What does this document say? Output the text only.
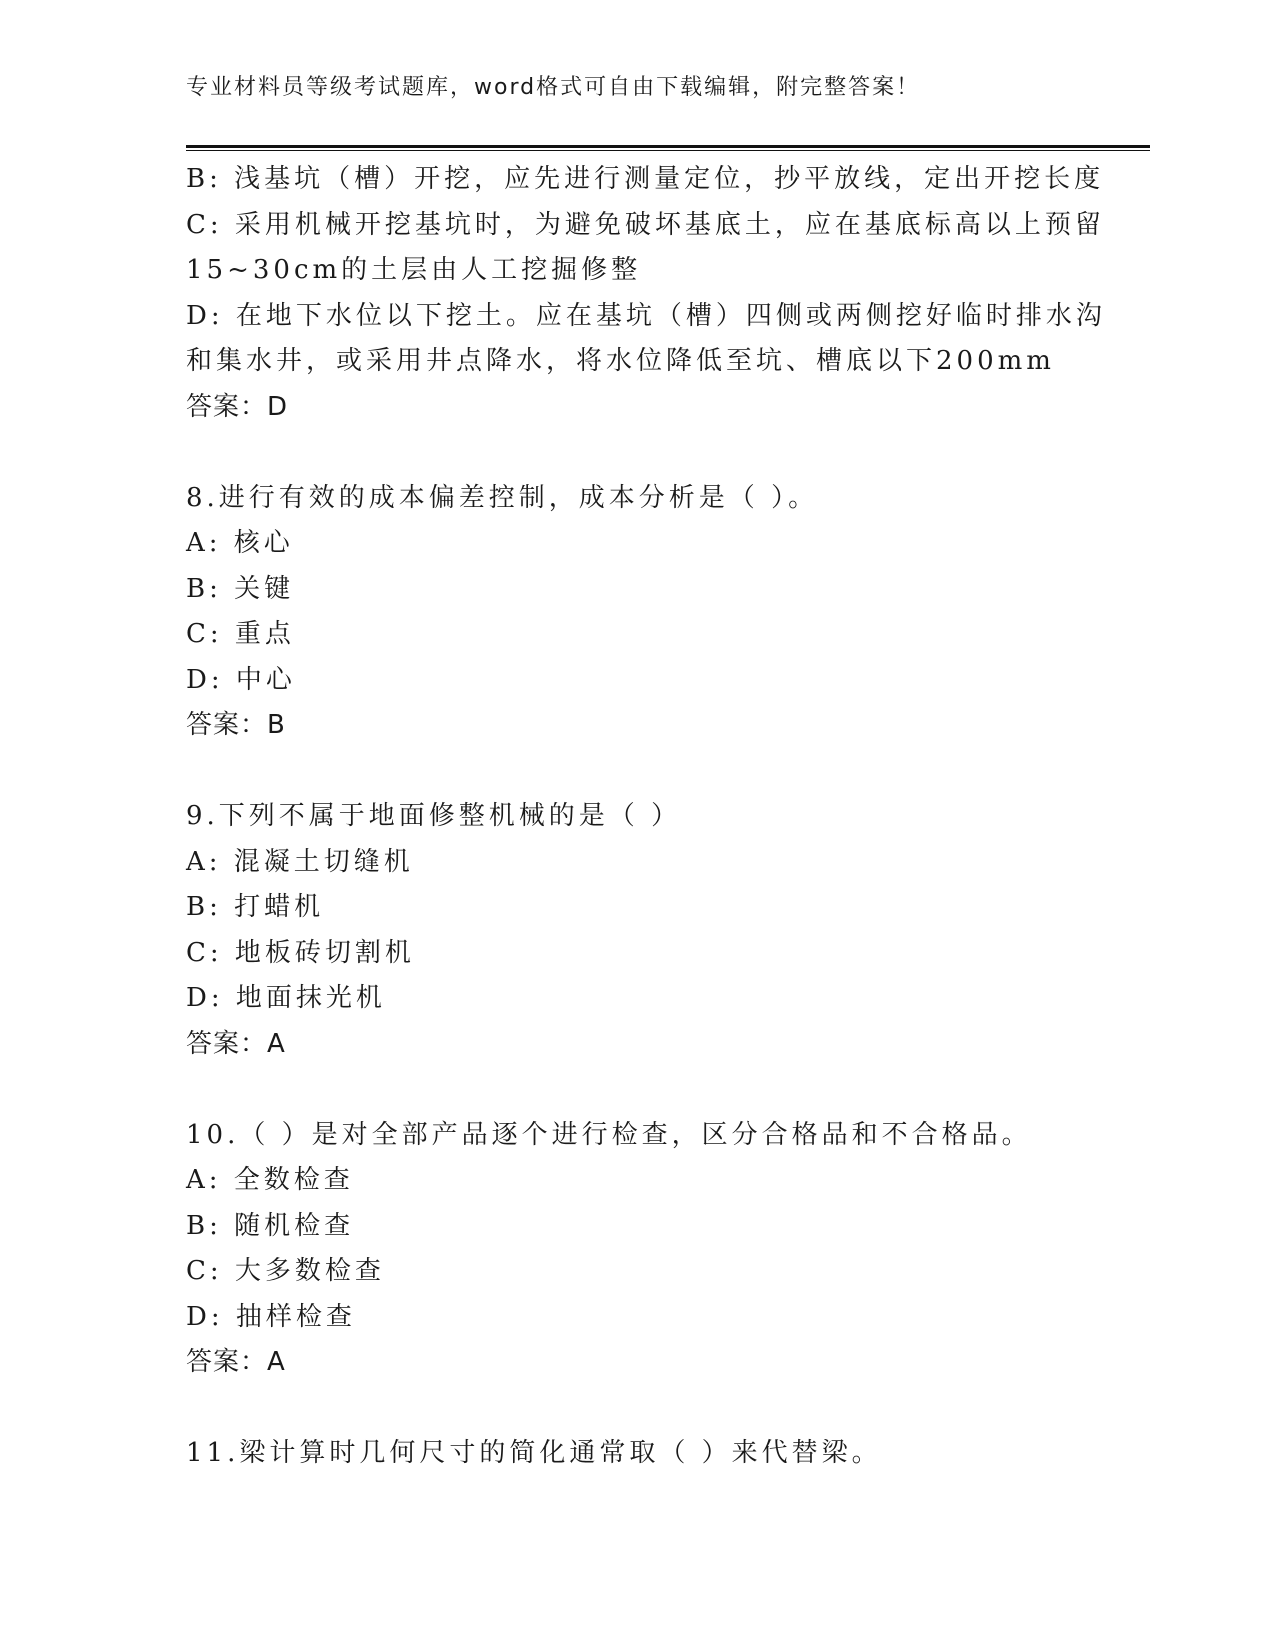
专业材料员等级考试题库，word格式可自由下载编辑，附完整答案！
B: 浅基坑（槽）开挖，应先进行测量定位，抄平放线，定出开挖长度
C: 采用机械开挖基坑时，为避免破坏基底土，应在基底标高以上预留
15~30cm的土层由人工挖掘修整
D: 在地下水位以下挖土。应在基坑（槽）四侧或两侧挖好临时排水沟
和集水井，或采用井点降水，将水位降低至坑、槽底以下200mm
答案：D
8.进行有效的成本偏差控制，成本分析是（ ）。
A: 核心
B: 关键
C: 重点
D: 中心
答案：B
9.下列不属于地面修整机械的是（ ）
A: 混凝土切缝机
B: 打蜡机
C: 地板砖切割机
D: 地面抹光机
答案：A
10.（ ）是对全部产品逐个进行检查，区分合格品和不合格品。
A: 全数检查
B: 随机检查
C: 大多数检查
D: 抽样检查
答案：A
11.梁计算时几何尺寸的简化通常取（ ）来代替梁。
